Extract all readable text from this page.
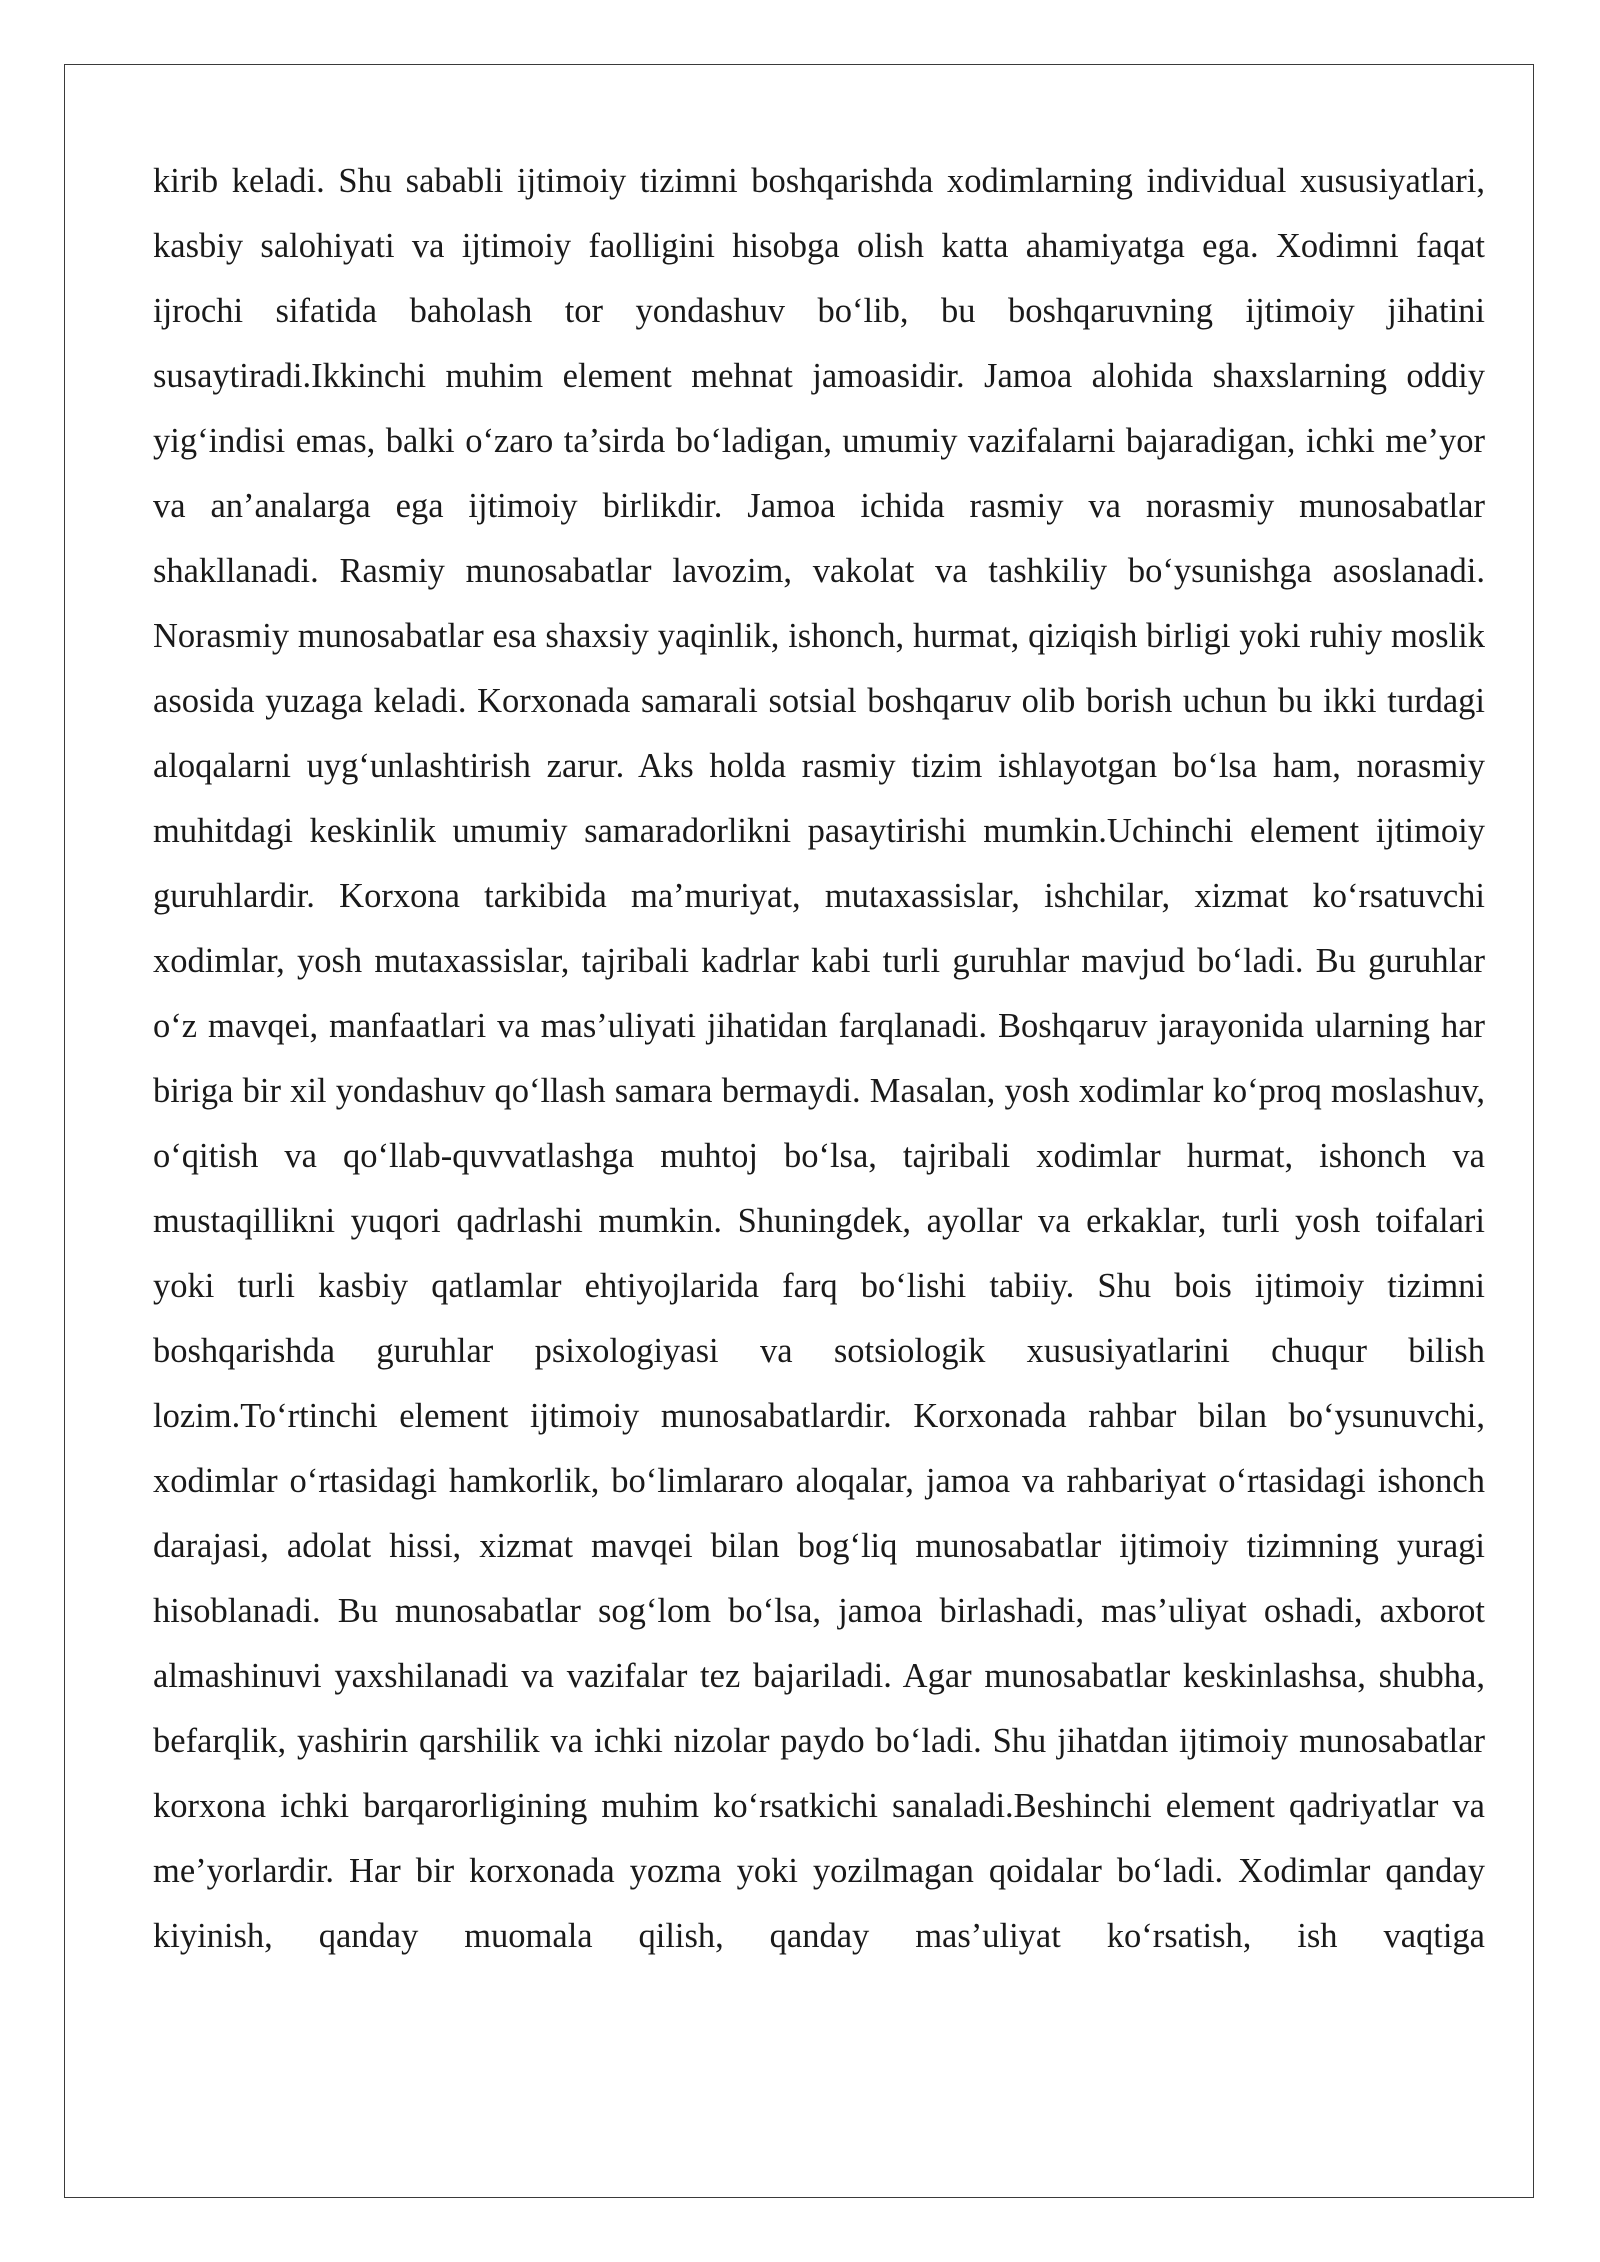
kirib keladi. Shu sababli ijtimoiy tizimni boshqarishda xodimlarning individual xususiyatlari, kasbiy salohiyati va ijtimoiy faolligini hisobga olish katta ahamiyatga ega. Xodimni faqat ijrochi sifatida baholash tor yondashuv bo‘lib, bu boshqaruvning ijtimoiy jihatini susaytiradi.Ikkinchi muhim element mehnat jamoasidir. Jamoa alohida shaxslarning oddiy yig‘indisi emas, balki o‘zaro ta’sirda bo‘ladigan, umumiy vazifalarni bajaradigan, ichki me’yor va an’analarga ega ijtimoiy birlikdir. Jamoa ichida rasmiy va norasmiy munosabatlar shakllanadi. Rasmiy munosabatlar lavozim, vakolat va tashkiliy bo‘ysunishga asoslanadi. Norasmiy munosabatlar esa shaxsiy yaqinlik, ishonch, hurmat, qiziqish birligi yoki ruhiy moslik asosida yuzaga keladi. Korxonada samarali sotsial boshqaruv olib borish uchun bu ikki turdagi aloqalarni uyg‘unlashtirish zarur. Aks holda rasmiy tizim ishlayotgan bo‘lsa ham, norasmiy muhitdagi keskinlik umumiy samaradorlikni pasaytirishi mumkin.Uchinchi element ijtimoiy guruhlardir. Korxona tarkibida ma’muriyat, mutaxassislar, ishchilar, xizmat ko‘rsatuvchi xodimlar, yosh mutaxassislar, tajribali kadrlar kabi turli guruhlar mavjud bo‘ladi. Bu guruhlar o‘z mavqei, manfaatlari va mas’uliyati jihatidan farqlanadi. Boshqaruv jarayonida ularning har biriga bir xil yondashuv qo‘llash samara bermaydi. Masalan, yosh xodimlar ko‘proq moslashuv, o‘qitish va qo‘llab-quvvatlashga muhtoj bo‘lsa, tajribali xodimlar hurmat, ishonch va mustaqillikni yuqori qadrlashi mumkin. Shuningdek, ayollar va erkaklar, turli yosh toifalari yoki turli kasbiy qatlamlar ehtiyojlarida farq bo‘lishi tabiiy. Shu bois ijtimoiy tizimni boshqarishda guruhlar psixologiyasi va sotsiologik xususiyatlarini chuqur bilish lozim.To‘rtinchi element ijtimoiy munosabatlardir. Korxonada rahbar bilan bo‘ysunuvchi, xodimlar o‘rtasidagi hamkorlik, bo‘limlararo aloqalar, jamoa va rahbariyat o‘rtasidagi ishonch darajasi, adolat hissi, xizmat mavqei bilan bog‘liq munosabatlar ijtimoiy tizimning yuragi hisoblanadi. Bu munosabatlar sog‘lom bo‘lsa, jamoa birlashadi, mas’uliyat oshadi, axborot almashinuvi yaxshilanadi va vazifalar tez bajariladi. Agar munosabatlar keskinlashsa, shubha, befarqlik, yashirin qarshilik va ichki nizolar paydo bo‘ladi. Shu jihatdan ijtimoiy munosabatlar korxona ichki barqarorligining muhim ko‘rsatkichi sanaladi.Beshinchi element qadriyatlar va me’yorlardir. Har bir korxonada yozma yoki yozilmagan qoidalar bo‘ladi. Xodimlar qanday kiyinish, qanday muomala qilish, qanday mas’uliyat ko‘rsatish, ish vaqtiga
